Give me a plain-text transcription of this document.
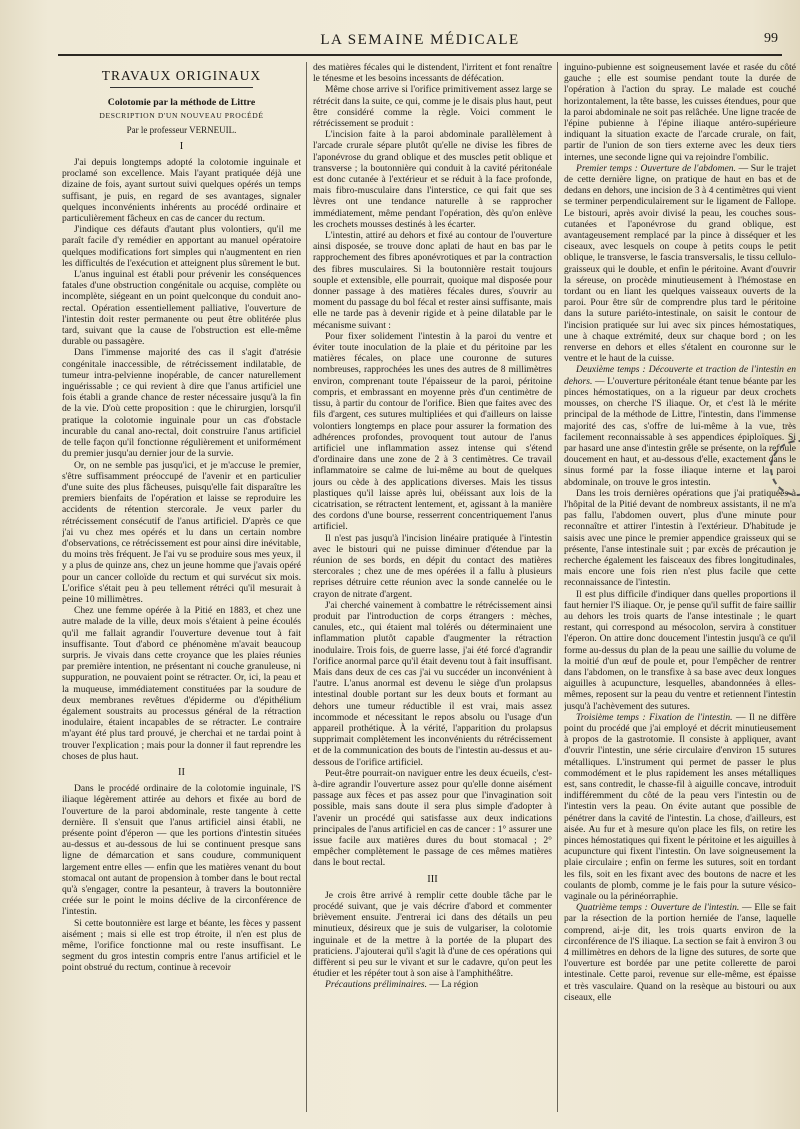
LA SEMAINE MÉDICALE	99
TRAVAUX ORIGINAUX
Colotomie par la méthode de Littre
DESCRIPTION D'UN NOUVEAU PROCÉDÉ
Par le professeur VERNEUIL.
I

J'ai depuis longtemps adopté la colotomie inguinale et proclamé son excellence. Mais l'ayant pratiquée déjà une dizaine de fois, ayant surtout suivi quelques opérés un temps suffisant, je puis, en regard de ses avantages, signaler quelques inconvénients inhérents au procédé ordinaire et particulièrement fâcheux en cas de cancer du rectum.

J'indique ces défauts d'autant plus volontiers, qu'il me paraît facile d'y remédier en apportant au manuel opératoire quelques modifications fort simples qui n'augmentent en rien les difficultés de l'exécution et atteignent plus sûrement le but.

L'anus inguinal est établi pour prévenir les conséquences fatales d'une obstruction congénitale ou acquise, complète ou incomplète, siégeant en un point quelconque du conduit ano-rectal. Opération essentiellement palliative, l'ouverture de l'intestin doit rester permanente ou peut être oblitérée plus tard, suivant que la cause de l'obstruction est elle-même durable ou passagère.

Dans l'immense majorité des cas il s'agit d'atrésie congénitale inaccessible, de rétrécissement indilatable, de tumeur intra-pelvienne inopérable, de cancer naturellement inguérissable ; ce qui revient à dire que l'anus artificiel une fois établi a grande chance de rester nécessaire jusqu'à la fin de la vie. D'où cette proposition : que le chirurgien, lorsqu'il pratique la colotomie inguinale pour un cas d'obstacle incurable du canal ano-rectal, doit construire l'anus artificiel de telle façon qu'il fonctionne régulièrement et uniformément du premier jusqu'au dernier jour de la survie.

Or, on ne semble pas jusqu'ici, et je m'accuse le premier, s'être suffisamment préoccupé de l'avenir et en particulier d'une suite des plus fâcheuses, puisqu'elle fait disparaître les premiers bienfaits de l'opération et laisse se reproduire les accidents de rétention stercorale. Je veux parler du rétrécissement consécutif de l'anus artificiel. D'après ce que j'ai vu chez mes opérés et lu dans un certain nombre d'observations, ce rétrécissement est pour ainsi dire inévitable, du moins très fréquent. Je l'ai vu se produire sous mes yeux, il y a plus de quinze ans, chez un jeune homme que j'avais opéré pour un cancer colloïde du rectum et qui survécut six mois. L'orifice s'était peu à peu tellement rétréci qu'il mesurait à peine 10 millimètres.

Chez une femme opérée à la Pitié en 1883, et chez une autre malade de la ville, deux mois s'étaient à peine écoulés qu'il me fallait agrandir l'ouverture devenue tout à fait insuffisante. Tout d'abord ce phénomène m'avait beaucoup surpris. Je vivais dans cette croyance que les plaies réunies par première intention, ne présentant ni couche granuleuse, ni suppuration, ne pouvaient point se rétracter. Or, ici, la peau et la muqueuse, immédiatement constituées par la soudure de deux membranes revêtues d'épiderme ou d'épithélium également soustraits au processus général de la rétraction inodulaire, étaient incapables de se rétracter. Le contraire m'ayant été plus tard prouvé, je cherchai et ne tardai point à trouver l'explication ; mais pour la donner il faut reprendre les choses de plus haut.

II

Dans le procédé ordinaire de la colotomie inguinale, l'S iliaque légèrement attirée au dehors et fixée au bord de l'ouverture de la paroi abdominale, reste tangente à cette dernière. Il s'ensuit que l'anus artificiel ainsi établi, ne présente point d'éperon — que les portions d'intestin situées au-dessus et au-dessous de lui se continuent presque sans ligne de démarcation et sans coudure, communiquent largement entre elles — enfin que les matières venant du bout stomacal ont autant de propension à tomber dans le bout rectal qu'à s'engager, contre la pesanteur, à travers la boutonnière créée sur le point le moins déclive de la circonférence de l'intestin.

Si cette boutonnière est large et béante, les fèces y passent aisément ; mais si elle est trop étroite, il n'en est plus de même, l'orifice fonctionne mal ou reste insuffisant. Le segment du gros intestin compris entre l'anus artificiel et le point obstrué du rectum, continue à recevoir

des matières fécales qui le distendent, l'irritent et font renaître le ténesme et les besoins incessants de défécation.

Même chose arrive si l'orifice primitivement assez large se rétrécit dans la suite, ce qui, comme je le disais plus haut, peut être considéré comme la règle. Voici comment le rétrécissement se produit :

L'incision faite à la paroi abdominale parallèlement à l'arcade crurale sépare plutôt qu'elle ne divise les fibres de l'aponévrose du grand oblique et des muscles petit oblique et transverse ; la boutonnière qui conduit à la cavité péritonéale est donc cutanée à l'extérieur et se réduit à la face profonde, mais fibro-musculaire dans l'interstice, ce qui fait que ses lèvres ont une tendance naturelle à se rapprocher immédiatement, même pendant l'opération, dès qu'on enlève les crochets mousses destinés à les écarter.

L'intestin, attiré au dehors et fixé au contour de l'ouverture ainsi disposée, se trouve donc aplati de haut en bas par le rapprochement des fibres aponévrotiques et par la contraction des fibres musculaires. Si la boutonnière restait toujours souple et extensible, elle pourrait, quoique mal disposée pour donner passage à des matières fécales dures, s'ouvrir au moment du passage du bol fécal et rester ainsi suffisante, mais elle ne tarde pas à devenir rigide et à peine dilatable par le mécanisme suivant :

Pour fixer solidement l'intestin à la paroi du ventre et éviter toute inoculation de la plaie et du péritoine par les matières fécales, on place une couronne de sutures nombreuses, rapprochées les unes des autres de 8 millimètres environ, comprenant toute l'épaisseur de la paroi, péritoine compris, et embrassant en moyenne près d'un centimètre de tissu, à partir du contour de l'orifice. Bien que faites avec des fils d'argent, ces sutures multipliées et qui d'ailleurs on laisse volontiers longtemps en place pour assurer la formation des adhérences profondes, provoquent tout autour de l'anus artificiel une inflammation assez intense qui s'étend d'ordinaire dans une zone de 2 à 3 centimètres. Ce travail inflammatoire se calme de lui-même au bout de quelques jours ou cède à des applications diverses. Mais les tissus plastiques qu'il laisse après lui, obéissant aux lois de la cicatrisation, se rétractent lentement, et, agissant à la manière des cordons d'une bourse, resserrent concentriquement l'anus artificiel.

Il n'est pas jusqu'à l'incision linéaire pratiquée à l'intestin avec le bistouri qui ne puisse diminuer d'étendue par la réunion de ses bords, en dépit du contact des matières stercorales ; chez une de mes opérées il a fallu à plusieurs reprises détruire cette réunion avec la sonde cannelée ou le crayon de nitrate d'argent.

J'ai cherché vainement à combattre le rétrécissement ainsi produit par l'introduction de corps étrangers : mèches, canules, etc., qui étaient mal tolérés ou déterminaient une inflammation plutôt capable d'augmenter la rétraction inodulaire. Trois fois, de guerre lasse, j'ai été forcé d'agrandir l'orifice anormal parce qu'il était devenu tout à fait insuffisant. Mais dans deux de ces cas j'ai vu succéder un inconvénient à l'autre. L'anus anormal est devenu le siège d'un prolapsus intestinal double portant sur les deux bouts et formant au dehors une tumeur réductible il est vrai, mais assez incommode et nécessitant le repos absolu ou l'usage d'un appareil prothétique. À la vérité, l'apparition du prolapsus supprimait complètement les inconvénients du rétrécissement et de la communication des bouts de l'intestin au-dessus et au-dessous de l'orifice artificiel.

Peut-être pourrait-on naviguer entre les deux écueils, c'est-à-dire agrandir l'ouverture assez pour qu'elle donne aisément passage aux fèces et pas assez pour que l'invagination soit possible, mais sans doute il sera plus simple d'adopter à l'avenir un procédé qui satisfasse aux deux indications principales de l'anus artificiel en cas de cancer : 1° assurer une issue facile aux matières dures du bout stomacal ; 2° empêcher complètement le passage de ces mêmes matières dans le bout rectal.

III

Je crois être arrivé à remplir cette double tâche par le procédé suivant, que je vais décrire d'abord et commenter brièvement ensuite. J'entrerai ici dans des détails un peu minutieux, désireux que je suis de vulgariser, la colotomie inguinale et de la mettre à la portée de la plupart des praticiens. J'ajouterai qu'il s'agit là d'une de ces opérations qui diffèrent si peu sur le vivant et sur le cadavre, qu'on peut les étudier et les répéter tout à son aise à l'amphithéâtre.

Précautions préliminaires. — La région

inguino-pubienne est soigneusement lavée et rasée du côté gauche ; elle est soumise pendant toute la durée de l'opération à l'action du spray. Le malade est couché horizontalement, la tête basse, les cuisses étendues, pour que la paroi abdominale ne soit pas relâchée. Une ligne tracée de l'épine pubienne à l'épine iliaque antéro-supérieure indiquant la situation exacte de l'arcade crurale, on fait, partir de l'union de son tiers externe avec les deux tiers internes, une seconde ligne qui va rejoindre l'ombilic.

Premier temps : Ouverture de l'abdomen. — Sur le trajet de cette dernière ligne, on pratique de haut en bas et de dedans en dehors, une incision de 3 à 4 centimètres qui vient se terminer perpendiculairement sur le ligament de Fallope. Le bistouri, après avoir divisé la peau, les couches sous-cutanées et l'aponévrose du grand oblique, est avantageusement remplacé par la pince à disséquer et les ciseaux, avec lesquels on coupe à petits coups le petit oblique, le transverse, le fascia transversalis, le tissu cellulo-graisseux qui le double, et enfin le péritoine. Avant d'ouvrir la séreuse, on procède minutieusement à l'hémostase en tordant ou en liant les quelques vaisseaux ouverts de la paroi. Pour être sûr de comprendre plus tard le péritoine dans la suture pariéto-intestinale, on saisit le contour de l'incision pratiquée sur lui avec six pinces hémostatiques, une à chaque extrémité, deux sur chaque bord ; on les renverse en dehors et elles s'étalent en couronne sur le ventre et le haut de la cuisse.

Deuxième temps : Découverte et traction de l'intestin en dehors. — L'ouverture péritonéale étant tenue béante par les pinces hémostatiques, on a la rigueur par deux crochets mousses, on cherche l'S iliaque. Or, et c'est là le mérite principal de la méthode de Littre, l'intestin, dans l'immense majorité des cas, s'offre de lui-même à la vue, très facilement reconnaissable à ses appendices épiploïques. Si par hasard une anse d'intestin grêle se présente, on la refoule doucement en haut, et au-dessous d'elle, exactement dans le sinus formé par la fosse iliaque interne et la paroi abdominale, on trouve le gros intestin.

Dans les trois dernières opérations que j'ai pratiquées à l'hôpital de la Pitié devant de nombreux assistants, il ne m'a pas fallu, l'abdomen ouvert, plus d'une minute pour reconnaître et attirer l'intestin à l'extérieur. D'habitude je saisis avec une pince le premier appendice graisseux qui se présente, l'anse intestinale suit ; par excès de précaution je recherche également les faisceaux des fibres longitudinales, mais encore une fois rien n'est plus facile que cette reconnaissance de l'intestin.

Il est plus difficile d'indiquer dans quelles proportions il faut hernier l'S iliaque. Or, je pense qu'il suffit de faire saillir au dehors les trois quarts de l'anse intestinale ; le quart restant, qui correspond au mésocolon, servira à constituer l'éperon. On attire donc doucement l'intestin jusqu'à ce qu'il forme au-dessus du plan de la peau une saillie du volume de la moitié d'un œuf de poule et, pour l'empêcher de rentrer dans l'abdomen, on le transfixe à sa base avec deux longues aiguilles à acupuncture, lesquelles, abandonnées à elles-mêmes, reposent sur la peau du ventre et retiennent l'intestin jusqu'à l'achèvement des sutures.

Troisième temps : Fixation de l'intestin. — Il ne diffère point du procédé que j'ai employé et décrit minutieusement à propos de la gastrotomie. Il consiste à appliquer, avant d'ouvrir l'intestin, une série circulaire d'environ 15 sutures métalliques. L'instrument qui permet de passer le plus commodément et le plus rapidement les anses métalliques est, sans contredit, le chasse-fil à aiguille concave, introduit indifféremment du côté de la peau vers l'intestin ou de l'intestin vers la peau. On évite autant que possible de pénétrer dans la cavité de l'intestin. La chose, d'ailleurs, est aisée. Au fur et à mesure qu'on place les fils, on retire les pinces hémostatiques qui fixent le péritoine et les aiguilles à acupuncture qui fixent l'intestin. On lave soigneusement la plaie circulaire ; enfin on ferme les sutures, soit en tordant les fils, soit en les fixant avec des boutons de nacre et les coulants de plomb, comme je le fais pour la suture vésico-vaginale ou la périnéorraphie.

Quatrième temps : Ouverture de l'intestin. — Elle se fait par la résection de la portion herniée de l'anse, laquelle comprend, ai-je dit, les trois quarts environ de la circonférence de l'S iliaque. La section se fait à environ 3 ou 4 millimètres en dehors de la ligne des sutures, de sorte que l'ouverture est bordée par une petite collerette de paroi intestinale. Cette paroi, revenue sur elle-même, est épaisse et très vasculaire. Quand on la resèque au bistouri ou aux ciseaux, elle
